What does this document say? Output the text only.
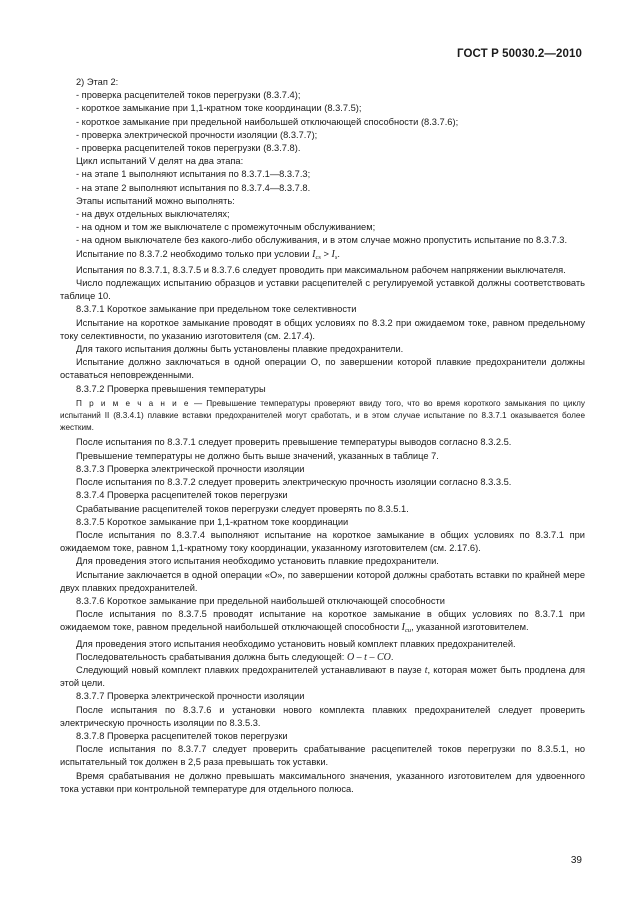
ГОСТ Р 50030.2—2010

2) Этап 2:

- проверка расцепителей токов перегрузки (8.3.7.4);

- короткое замыкание при 1,1-кратном токе координации (8.3.7.5);

- короткое замыкание при предельной наибольшей отключающей способности (8.3.7.6);

- проверка электрической прочности изоляции (8.3.7.7);

- проверка расцепителей токов перегрузки (8.3.7.8).

Цикл испытаний V делят на два этапа:

- на этапе 1 выполняют испытания по 8.3.7.1—8.3.7.3;

- на этапе 2 выполняют испытания по 8.3.7.4—8.3.7.8.

Этапы испытаний можно выполнять:

- на двух отдельных выключателях;

- на одном и том же выключателе с промежуточным обслуживанием;

- на одном выключателе без какого-либо обслуживания, и в этом случае можно пропустить испытание по 8.3.7.3.

Испытание по 8.3.7.2 необходимо только при условии $I_{cs} > I_s$.

Испытания по 8.3.7.1, 8.3.7.5 и 8.3.7.6 следует проводить при максимальном рабочем напряжении выключателя.

Число подлежащих испытанию образцов и уставки расцепителей с регулируемой уставкой должны соответствовать таблице 10.

8.3.7.1 Короткое замыкание при предельном токе селективности

Испытание на короткое замыкание проводят в общих условиях по 8.3.2 при ожидаемом токе, равном предельному току селективности, по указанию изготовителя (см. 2.17.4).

Для такого испытания должны быть установлены плавкие предохранители.

Испытание должно заключаться в одной операции О, по завершении которой плавкие предохранители должны оставаться неповрежденными.

8.3.7.2 Проверка превышения температуры

П р и м е ч а н и е — Превышение температуры проверяют ввиду того, что во время короткого замыкания по циклу испытаний II (8.3.4.1) плавкие вставки предохранителей могут сработать, и в этом случае испытание по 8.3.7.1 оказывается более жестким.

После испытания по 8.3.7.1 следует проверить превышение температуры выводов согласно 8.3.2.5.

Превышение температуры не должно быть выше значений, указанных в таблице 7.

8.3.7.3 Проверка электрической прочности изоляции

После испытания по 8.3.7.2 следует проверить электрическую прочность изоляции согласно 8.3.3.5.

8.3.7.4 Проверка расцепителей токов перегрузки

Срабатывание расцепителей токов перегрузки следует проверять по 8.3.5.1.

8.3.7.5 Короткое замыкание при 1,1-кратном токе координации

После испытания по 8.3.7.4 выполняют испытание на короткое замыкание в общих условиях по 8.3.7.1 при ожидаемом токе, равном 1,1-кратному току координации, указанному изготовителем (см. 2.17.6).

Для проведения этого испытания необходимо установить плавкие предохранители.

Испытание заключается в одной операции «О», по завершении которой должны сработать вставки по крайней мере двух плавких предохранителей.

8.3.7.6 Короткое замыкание при предельной наибольшей отключающей способности

После испытания по 8.3.7.5 проводят испытание на короткое замыкание в общих условиях по 8.3.7.1 при ожидаемом токе, равном предельной наибольшей отключающей способности $I_{cu}$, указанной изготовителем.

Для проведения этого испытания необходимо установить новый комплект плавких предохранителей.

Последовательность срабатывания должна быть следующей: O – t – CO.

Следующий новый комплект плавких предохранителей устанавливают в паузе t, которая может быть продлена для этой цели.

8.3.7.7 Проверка электрической прочности изоляции

После испытания по 8.3.7.6 и установки нового комплекта плавких предохранителей следует проверить электрическую прочность изоляции по 8.3.5.3.

8.3.7.8 Проверка расцепителей токов перегрузки

После испытания по 8.3.7.7 следует проверить срабатывание расцепителей токов перегрузки по 8.3.5.1, но испытательный ток должен в 2,5 раза превышать ток уставки.

Время срабатывания не должно превышать максимального значения, указанного изготовителем для удвоенного тока уставки при контрольной температуре для отдельного полюса.

39
